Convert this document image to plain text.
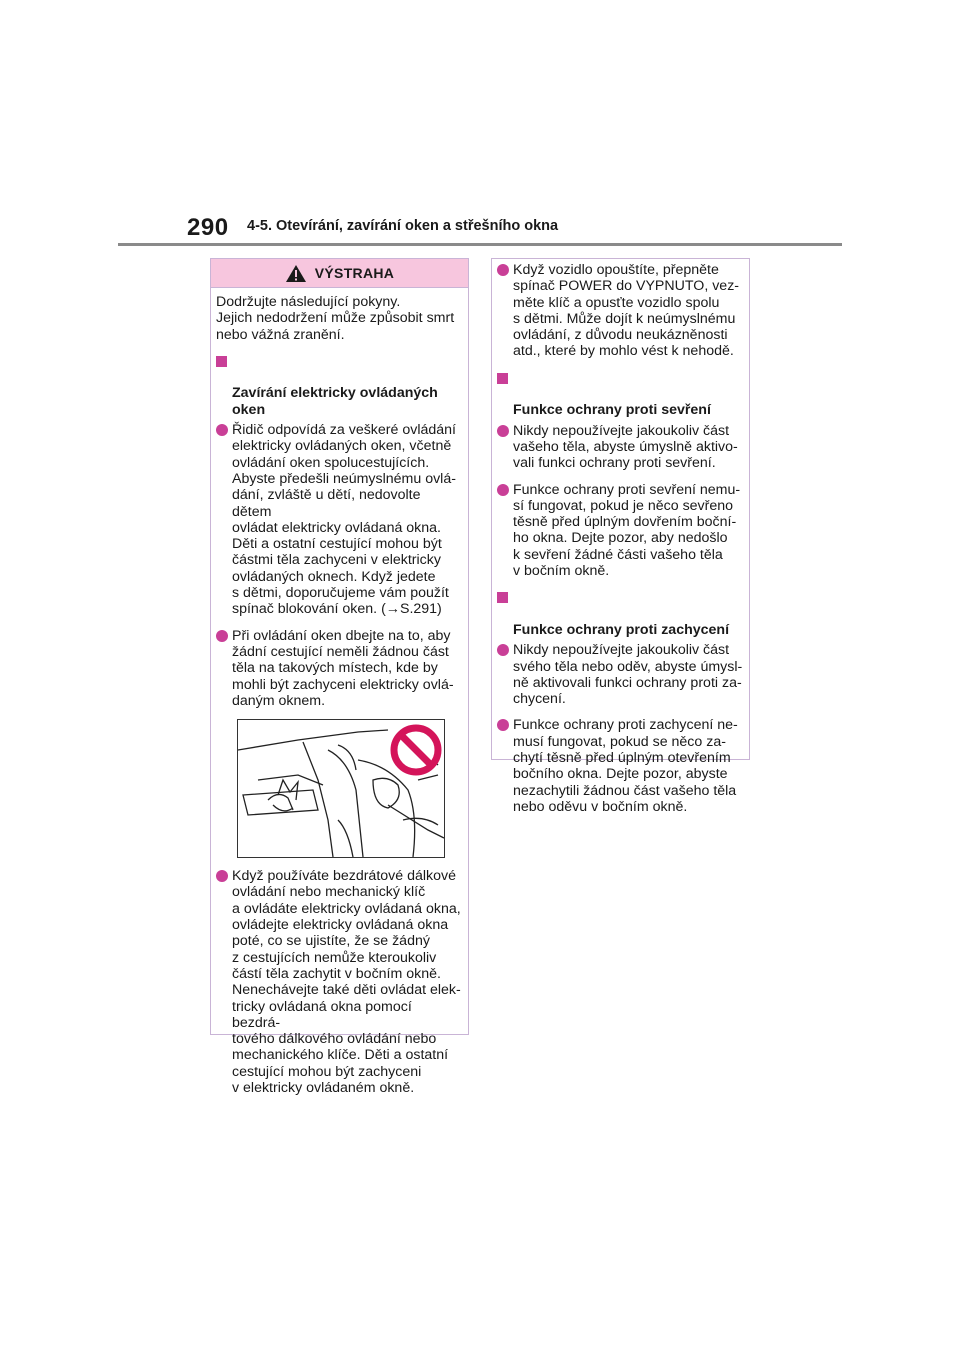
290 4-5. Otevírání, zavírání oken a střešního okna
VÝSTRAHA

Dodržujte následující pokyny.
Jejich nedodržení může způsobit smrt
nebo vážná zranění.

Zavírání elektricky ovládaných
oken

Řidič odpovídá za veškeré ovládání
elektricky ovládaných oken, včetně
ovládání oken spolucestujících.
Abyste předešli neúmyslnému ovlá-
dání, zvláště u dětí, nedovolte dětem
ovládat elektricky ovládaná okna.
Děti a ostatní cestující mohou být
částmi těla zachyceni v elektricky
ovládaných oknech. Když jedete
s dětmi, doporučujeme vám použít
spínač blokování oken. (→S.291)
Při ovládání oken dbejte na to, aby
žádní cestující neměli žádnou část
těla na takových místech, kde by
mohli být zachyceni elektricky ovlá-
daným oknem.
Když používáte bezdrátové dálkové
ovládání nebo mechanický klíč
a ovládáte elektricky ovládaná okna,
ovládejte elektricky ovládaná okna
poté, co se ujistíte, že se žádný
z cestujících nemůže kteroukoliv
částí těla zachytit v bočním okně.
Nenechávejte také děti ovládat elek-
tricky ovládaná okna pomocí bezdrá-
tového dálkového ovládání nebo
mechanického klíče. Děti a ostatní
cestující mohou být zachyceni
v elektricky ovládaném okně.
Když vozidlo opouštíte, přepněte
spínač POWER do VYPNUTO, vez-
měte klíč a opusťte vozidlo spolu
s dětmi. Může dojít k neúmyslnému
ovládání, z důvodu neukázněnosti
atd., které by mohlo vést k nehodě.

Funkce ochrany proti sevření

Nikdy nepoužívejte jakoukoliv část
vašeho těla, abyste úmyslně aktivo-
vali funkci ochrany proti sevření.
Funkce ochrany proti sevření nemu-
sí fungovat, pokud je něco sevřeno
těsně před úplným dovřením boční-
ho okna. Dejte pozor, aby nedošlo
k sevření žádné části vašeho těla
v bočním okně.

Funkce ochrany proti zachycení

Nikdy nepoužívejte jakoukoliv část
svého těla nebo oděv, abyste úmysl-
ně aktivovali funkci ochrany proti za-
chycení.
Funkce ochrany proti zachycení ne-
musí fungovat, pokud se něco za-
chytí těsně před úplným otevřením
bočního okna. Dejte pozor, abyste
nezachytili žádnou část vašeho těla
nebo oděvu v bočním okně.
